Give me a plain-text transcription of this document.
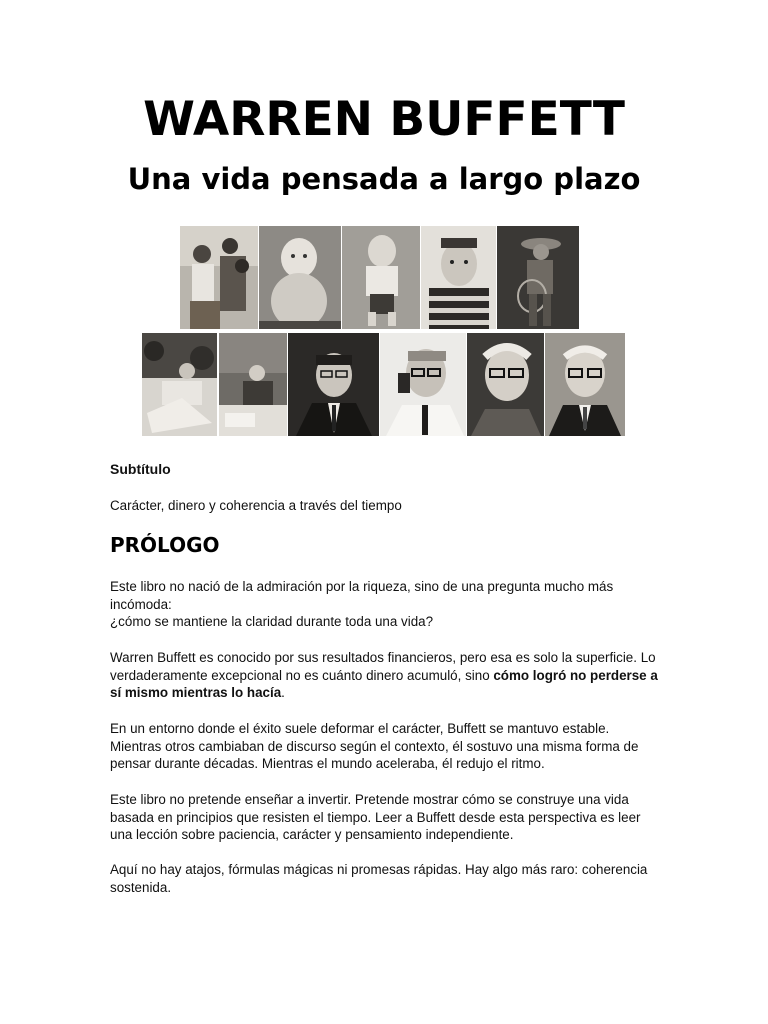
WARREN BUFFETT
Una vida pensada a largo plazo
Subtítulo
Carácter, dinero y coherencia a través del tiempo
PRÓLOGO

Este libro no nació de la admiración por la riqueza, sino de una pregunta mucho más incómoda:

¿cómo se mantiene la claridad durante toda una vida?

Warren Buffett es conocido por sus resultados financieros, pero esa es solo la superficie. Lo verdaderamente excepcional no es cuánto dinero acumuló, sino cómo logró no perderse a sí mismo mientras lo hacía.

En un entorno donde el éxito suele deformar el carácter, Buffett se mantuvo estable. Mientras otros cambiaban de discurso según el contexto, él sostuvo una misma forma de pensar durante décadas. Mientras el mundo aceleraba, él redujo el ritmo.
Este libro no pretende enseñar a invertir. Pretende mostrar cómo se construye una vida basada en principios que resisten el tiempo. Leer a Buffett desde esta perspectiva es leer una lección sobre paciencia, carácter y pensamiento independiente.
Aquí no hay atajos, fórmulas mágicas ni promesas rápidas. Hay algo más raro: coherencia sostenida.
